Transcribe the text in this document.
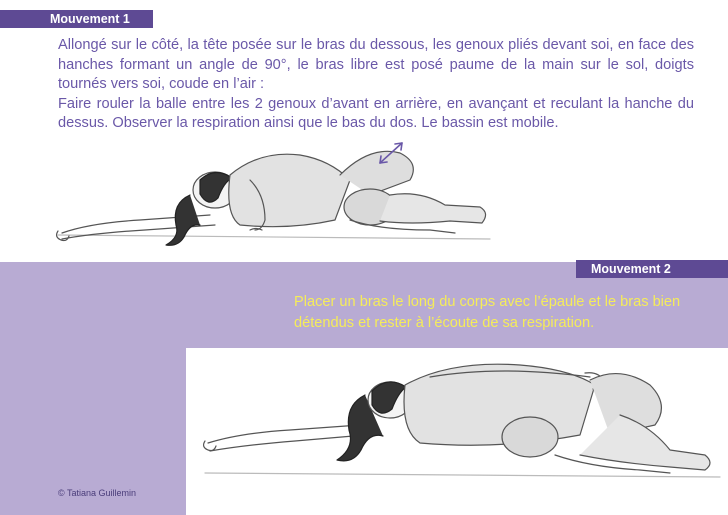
Mouvement 1

Allongé sur le côté, la tête posée sur le bras du dessous, les genoux pliés devant soi, en face des hanches formant un angle de 90°, le bras libre est posé paume de la main sur le sol, doigts tournés vers soi, coude en l’air :

Faire rouler la balle entre les 2 genoux d’avant en arrière, en avançant et reculant la hanche du dessus. Observer la respiration ainsi que le bas du dos. Le bassin est mobile.

Mouvement 2

Placer un bras le long du corps avec l’épaule et le bras bien détendus et rester à l’écoute de sa respiration.

© Tatiana Guillemin
